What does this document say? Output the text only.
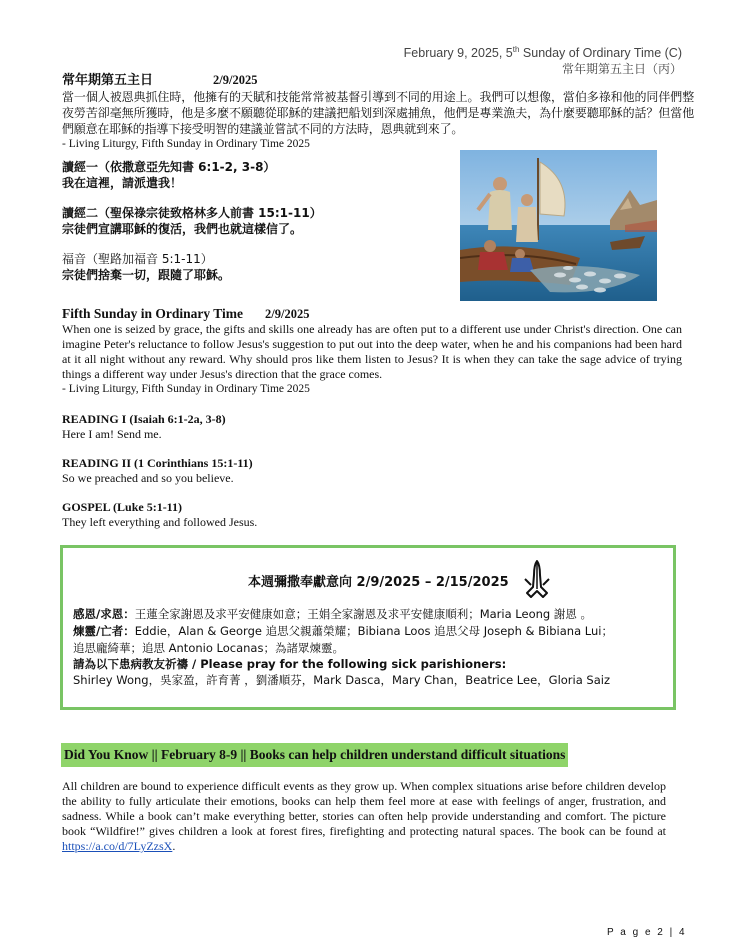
February 9, 2025, 5th Sunday of Ordinary Time (C)
常年期第五主日（丙）
常年期第五主日	2/9/2025

當一個人被恩典抓住時，他擁有的天賦和技能常常被基督引導到不同的用途上。我們可以想像，當伯多祿和他的同伴們整夜勞苦卻毫無所獲時，他是多麼不願聽從耶穌的建議把船划到深處捕魚，他們是專業漁夫，為什麼要聽耶穌的話？但當他們願意在耶穌的指導下接受明智的建議並嘗試不同的方法時，恩典就到來了。

- Living Liturgy, Fifth Sunday in Ordinary Time 2025

讀經一（依撒意亞先知書 6:1-2, 3-8）
我在這裡，請派遣我！
讀經二（聖保祿宗徒致格林多人前書 15:1-11）
宗徒們宣講耶穌的復活，我們也就這樣信了。
福音（聖路加福音 5:1-11）
宗徒們捨棄一切，跟隨了耶穌。
Fifth Sunday in Ordinary Time 2/9/2025

When one is seized by grace, the gifts and skills one already has are often put to a different use under Christ's direction. One can imagine Peter's reluctance to follow Jesus's suggestion to put out into the deep water, when he and his companions had been hard at it all night without any reward. Why should pros like them listen to Jesus? It is when they can take the sage advice of trying things a different way under Jesus's direction that the grace comes.

- Living Liturgy, Fifth Sunday in Ordinary Time 2025

READING I (Isaiah 6:1-2a, 3-8)
Here I am! Send me.
READING II (1 Corinthians 15:1-11)
So we preached and so you believe.
GOSPEL (Luke 5:1-11)
They left everything and followed Jesus.
本週彌撒奉獻意向 2/9/2025 – 2/15/2025
感恩/求恩：王蓮全家謝恩及求平安健康如意；王娟全家謝恩及求平安健康順利；Maria Leong 謝恩 。
煉靈/亡者：Eddie，Alan & George 追思父親蕭榮耀；Bibiana Loos 追思父母 Joseph & Bibiana Lui；
追思龐綺華；追思 Antonio Locanas；為諸眾煉靈。
請為以下患病教友祈禱 / Please pray for the following sick parishioners:
Shirley Wong，吳家盈，許育菁 ，劉潘順芬，Mark Dasca，Mary Chan，Beatrice Lee，Gloria Saiz
Did You Know || February 8-9 || Books can help children understand difficult situations

All children are bound to experience difficult events as they grow up. When complex situations arise before children develop the ability to fully articulate their emotions, books can help them feel more at ease with feelings of anger, frustration, and sadness. While a book can’t make everything better, stories can often help provide understanding and comfort. The picture book “Wildfire!” gives children a look at forest fires, firefighting and protecting natural spaces. The book can be found at https://a.co/d/7LyZzsX.

P a g e 2 | 4
